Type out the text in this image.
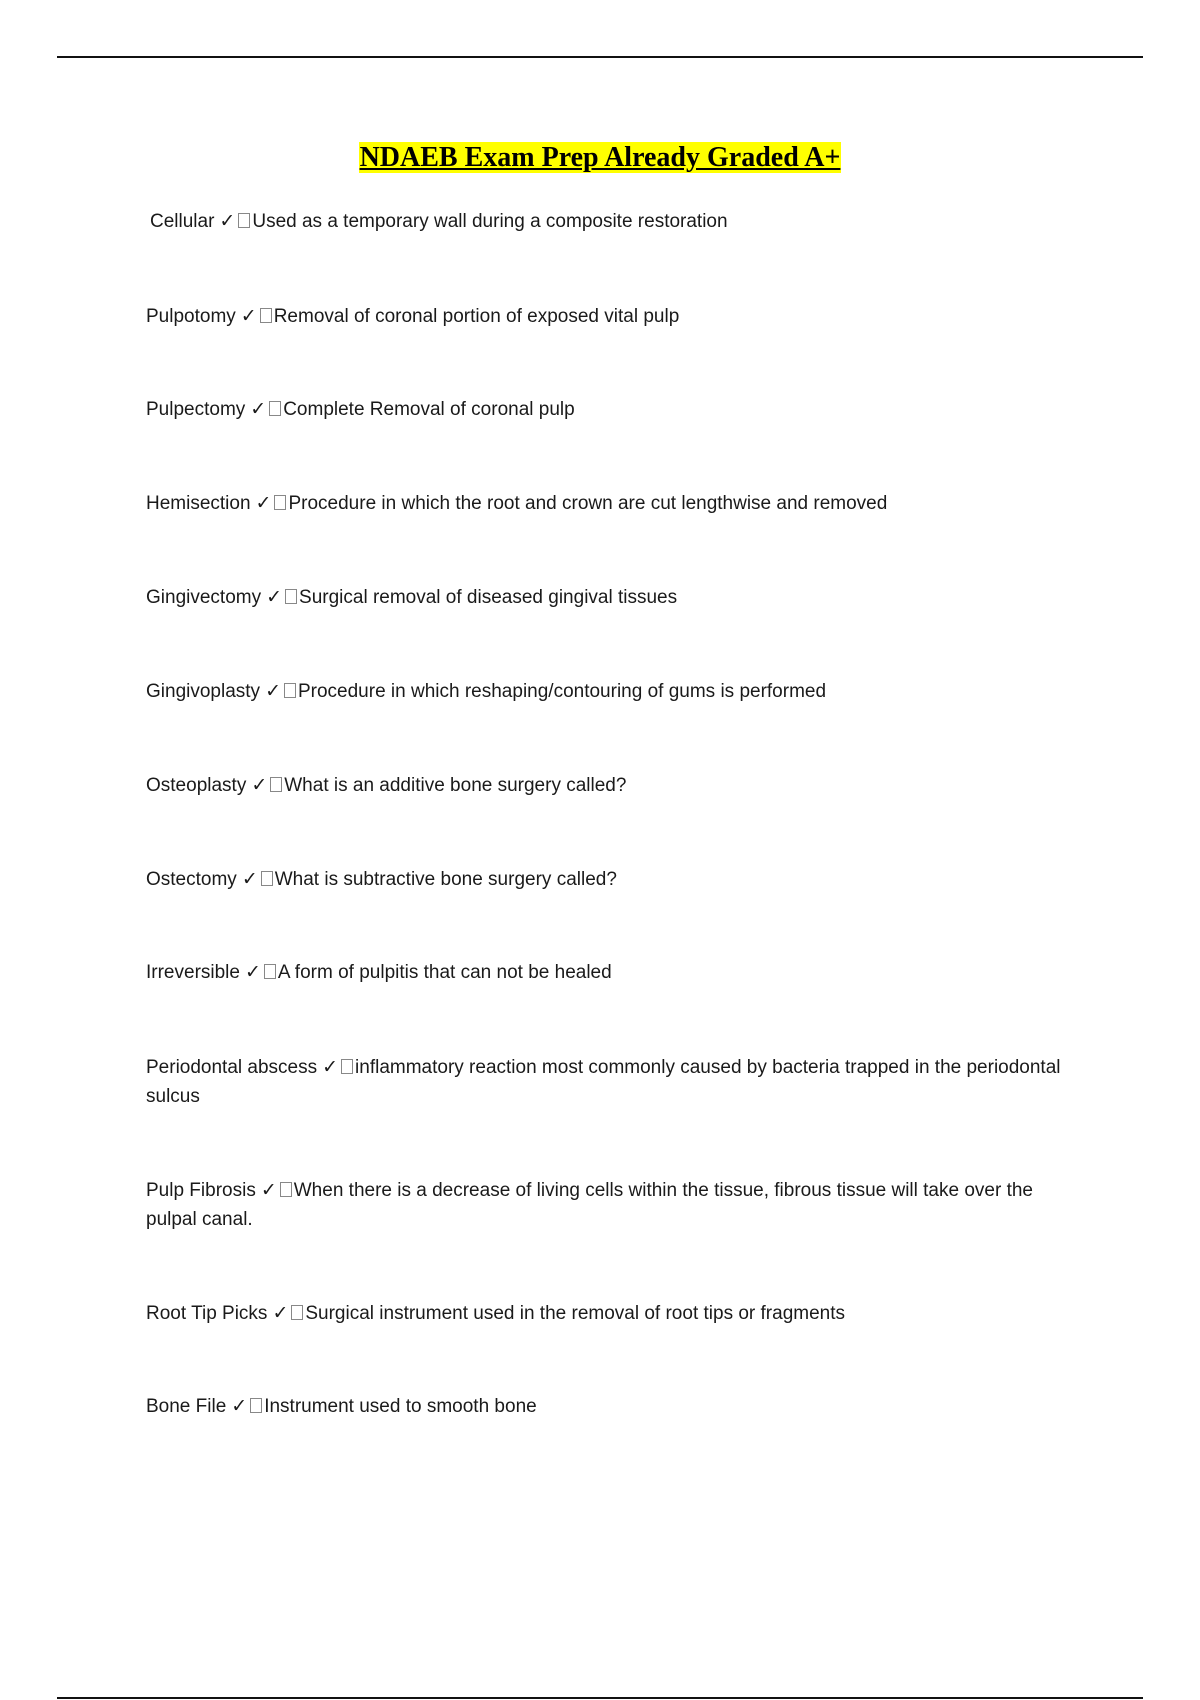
NDAEB Exam Prep Already Graded A+

Cellular ✓ Used as a temporary wall during a composite restoration

Pulpotomy ✓ Removal of coronal portion of exposed vital pulp

Pulpectomy ✓ Complete Removal of coronal pulp

Hemisection ✓ Procedure in which the root and crown are cut lengthwise and removed

Gingivectomy ✓ Surgical removal of diseased gingival tissues

Gingivoplasty ✓ Procedure in which reshaping/contouring of gums is performed

Osteoplasty ✓ What is an additive bone surgery called?

Ostectomy ✓ What is subtractive bone surgery called?

Irreversible ✓ A form of pulpitis that can not be healed

Periodontal abscess ✓ inflammatory reaction most commonly caused by bacteria trapped in the periodontal sulcus

Pulp Fibrosis ✓ When there is a decrease of living cells within the tissue, fibrous tissue will take over the pulpal canal.

Root Tip Picks ✓ Surgical instrument used in the removal of root tips or fragments

Bone File ✓ Instrument used to smooth bone
